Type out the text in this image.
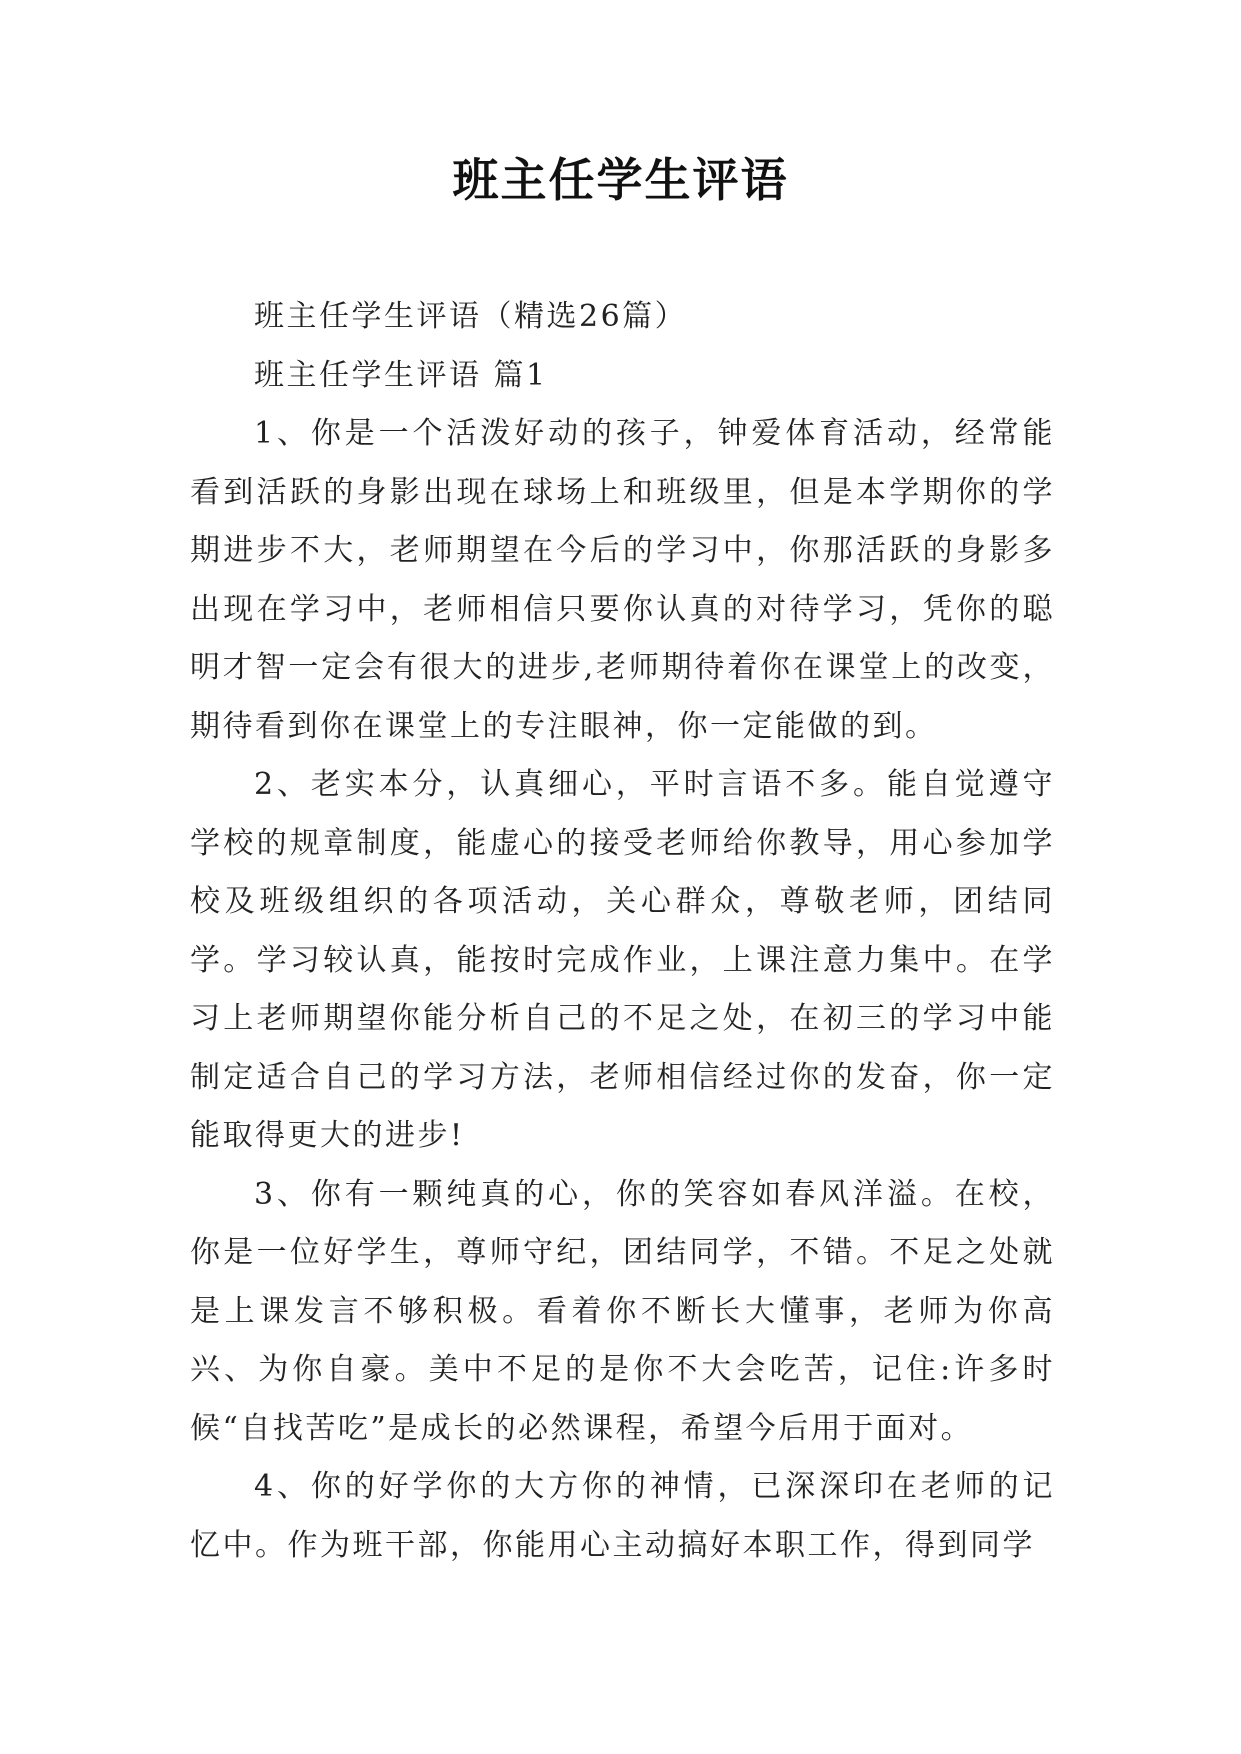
班主任学生评语

班主任学生评语（精选26篇）

班主任学生评语 篇1

1、你是一个活泼好动的孩子，钟爱体育活动，经常能看到活跃的身影出现在球场上和班级里，但是本学期你的学期进步不大，老师期望在今后的学习中，你那活跃的身影多出现在学习中，老师相信只要你认真的对待学习，凭你的聪明才智一定会有很大的进步,老师期待着你在课堂上的改变，期待看到你在课堂上的专注眼神，你一定能做的到。

2、老实本分，认真细心，平时言语不多。能自觉遵守学校的规章制度，能虚心的接受老师给你教导，用心参加学校及班级组织的各项活动，关心群众，尊敬老师，团结同学。学习较认真，能按时完成作业，上课注意力集中。在学习上老师期望你能分析自己的不足之处，在初三的学习中能制定适合自己的学习方法，老师相信经过你的发奋，你一定能取得更大的进步!

3、你有一颗纯真的心，你的笑容如春风洋溢。在校，你是一位好学生，尊师守纪，团结同学，不错。不足之处就是上课发言不够积极。看着你不断长大懂事，老师为你高兴、为你自豪。美中不足的是你不大会吃苦，记住:许多时候“自找苦吃”是成长的必然课程，希望今后用于面对。

4、你的好学你的大方你的神情，已深深印在老师的记忆中。作为班干部，你能用心主动搞好本职工作，得到同学
